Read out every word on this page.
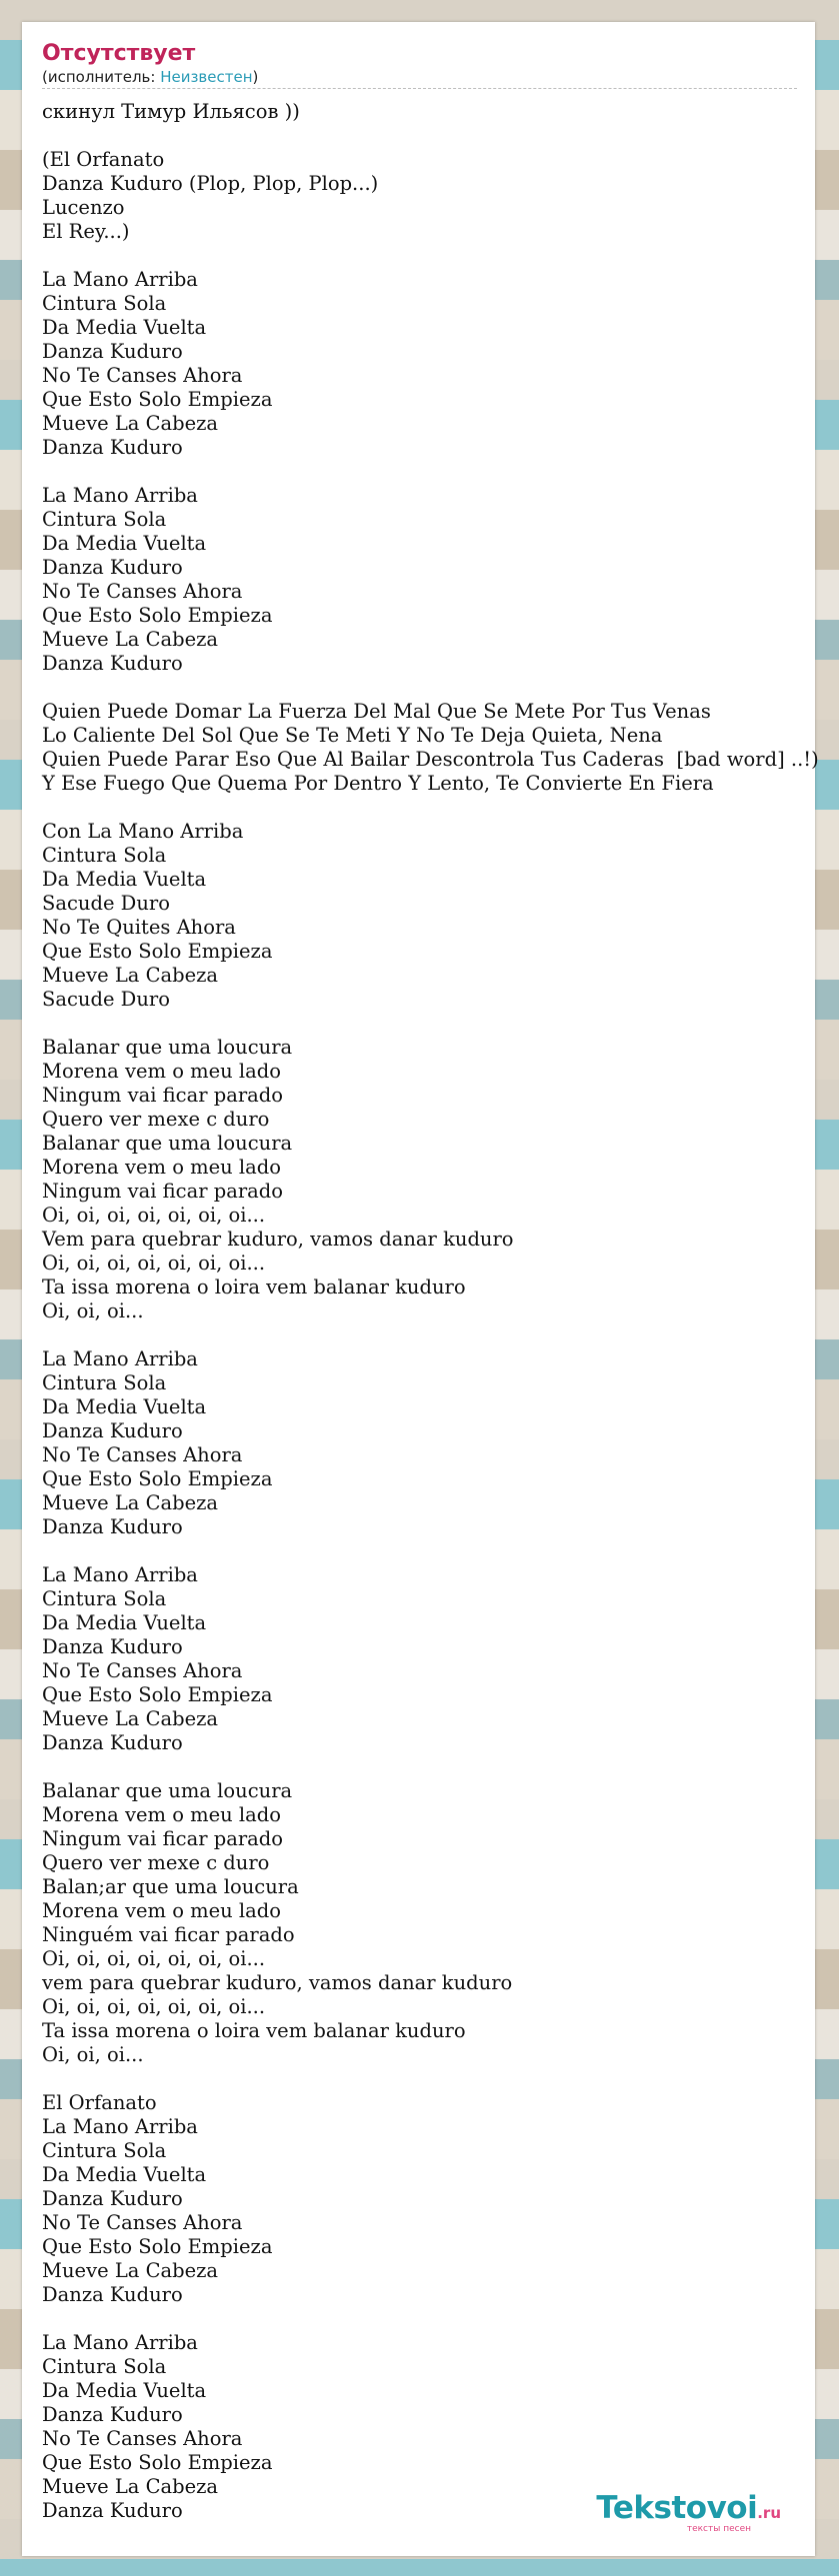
Отсутствует
(исполнитель: Неизвестен)
скинул Тимур Ильясов ))

(El Orfanato
Danza Kuduro (Plop, Plop, Plop...)
Lucenzo
El Rey...)

La Mano Arriba
Cintura Sola
Da Media Vuelta
Danza Kuduro
No Te Canses Ahora
Que Esto Solo Empieza
Mueve La Cabeza
Danza Kuduro

La Mano Arriba
Cintura Sola
Da Media Vuelta
Danza Kuduro
No Te Canses Ahora
Que Esto Solo Empieza
Mueve La Cabeza
Danza Kuduro

Quien Puede Domar La Fuerza Del Mal Que Se Mete Por Tus Venas
Lo Caliente Del Sol Que Se Te Meti Y No Te Deja Quieta, Nena
Quien Puede Parar Eso Que Al Bailar Descontrola Tus Caderas  [bad word] ..!)
Y Ese Fuego Que Quema Por Dentro Y Lento, Te Convierte En Fiera

Con La Mano Arriba
Cintura Sola
Da Media Vuelta
Sacude Duro
No Te Quites Ahora
Que Esto Solo Empieza
Mueve La Cabeza
Sacude Duro

Balanar que uma loucura
Morena vem o meu lado
Ningum vai ficar parado
Quero ver mexe c duro
Balanar que uma loucura
Morena vem o meu lado
Ningum vai ficar parado
Oi, oi, oi, oi, oi, oi, oi...
Vem para quebrar kuduro, vamos danar kuduro
Oi, oi, oi, oi, oi, oi, oi...
Ta issa morena o loira vem balanar kuduro
Oi, oi, oi...

La Mano Arriba
Cintura Sola
Da Media Vuelta
Danza Kuduro
No Te Canses Ahora
Que Esto Solo Empieza
Mueve La Cabeza
Danza Kuduro

La Mano Arriba
Cintura Sola
Da Media Vuelta
Danza Kuduro
No Te Canses Ahora
Que Esto Solo Empieza
Mueve La Cabeza
Danza Kuduro

Balanar que uma loucura
Morena vem o meu lado
Ningum vai ficar parado
Quero ver mexe c duro
Balan;ar que uma loucura
Morena vem o meu lado
Ninguém vai ficar parado
Oi, oi, oi, oi, oi, oi, oi...
vem para quebrar kuduro, vamos danar kuduro
Oi, oi, oi, oi, oi, oi, oi...
Ta issa morena o loira vem balanar kuduro
Oi, oi, oi...

El Orfanato
La Mano Arriba
Cintura Sola
Da Media Vuelta
Danza Kuduro
No Te Canses Ahora
Que Esto Solo Empieza
Mueve La Cabeza
Danza Kuduro

La Mano Arriba
Cintura Sola
Da Media Vuelta
Danza Kuduro
No Te Canses Ahora
Que Esto Solo Empieza
Mueve La Cabeza
Danza Kuduro	Tekstovoi.ru
тексты песен
